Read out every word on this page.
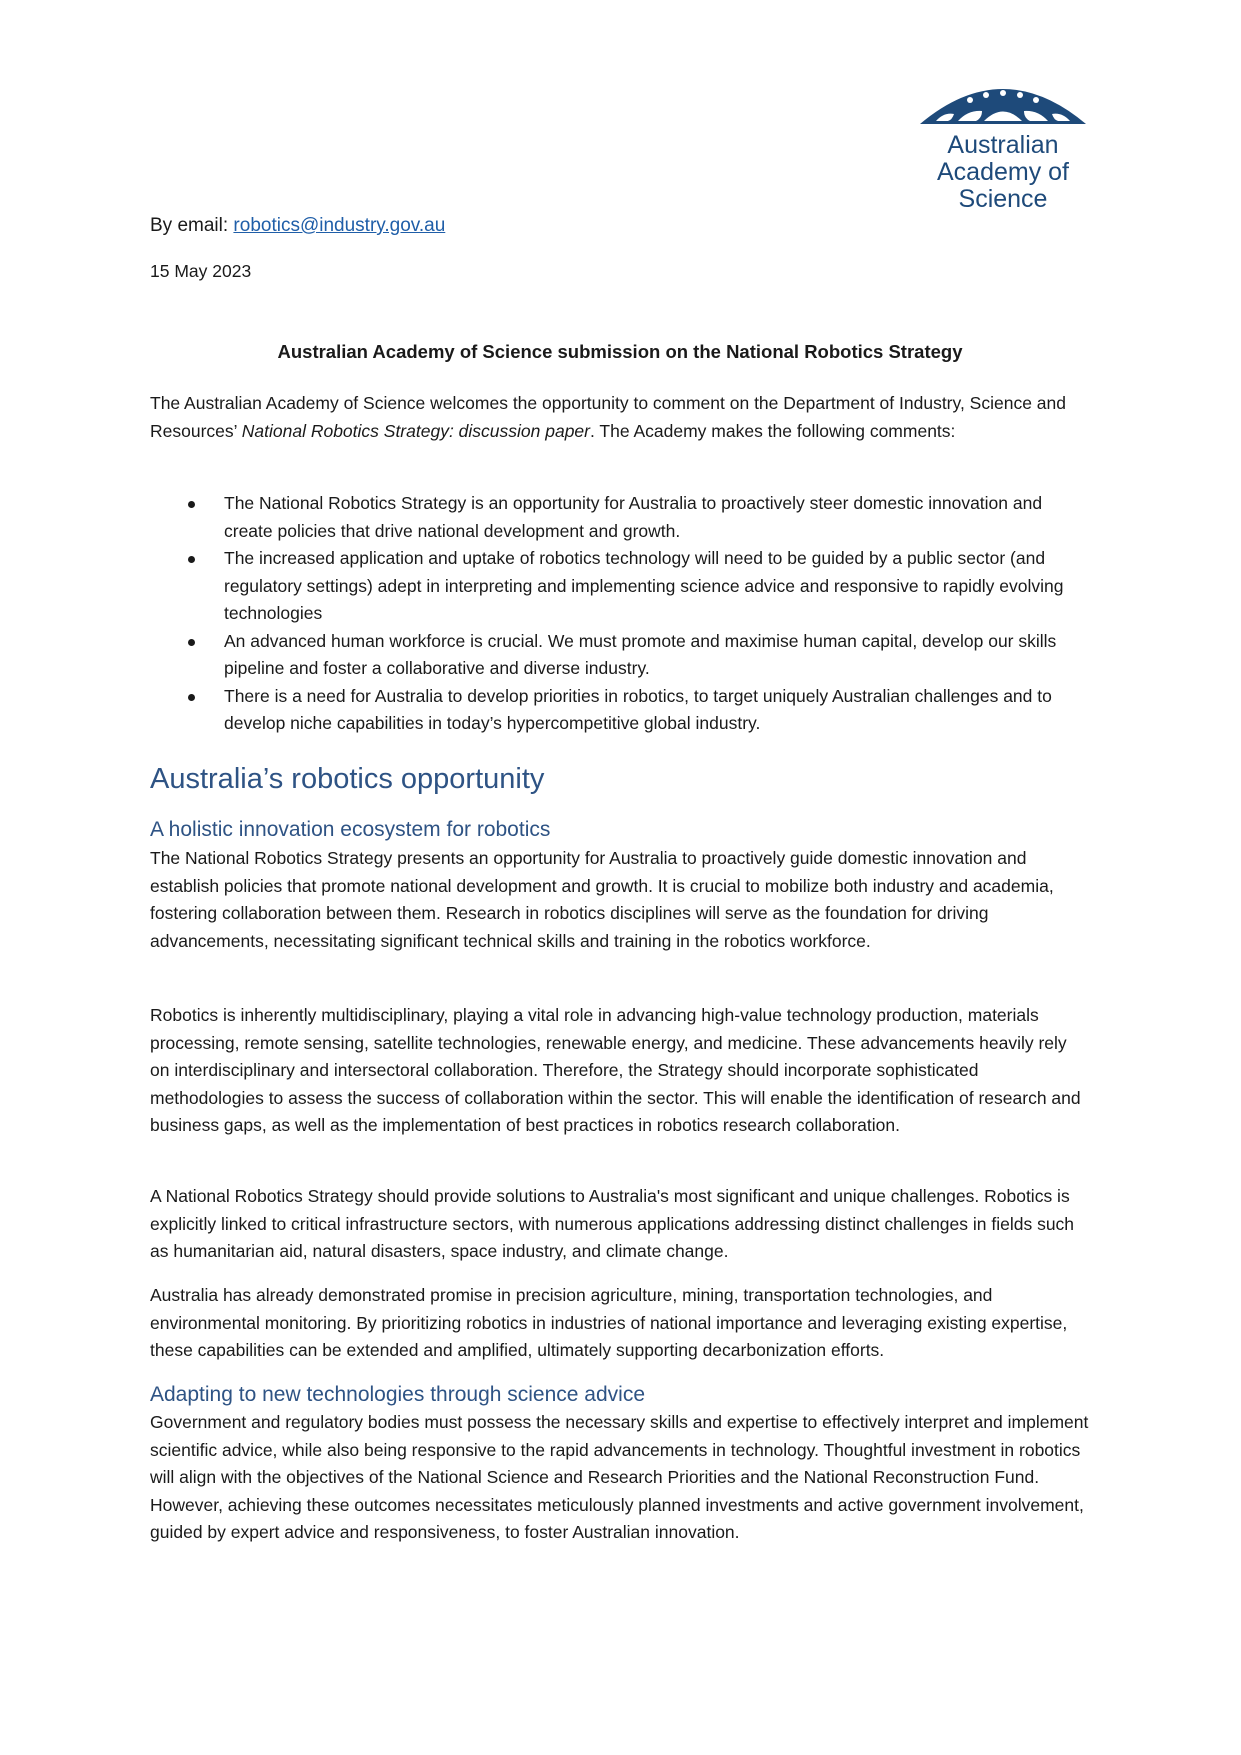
Australian
Academy of
Science

By email: robotics@industry.gov.au

15 May 2023

Australian Academy of Science submission on the National Robotics Strategy

The Australian Academy of Science welcomes the opportunity to comment on the Department of Industry, Science and Resources’ National Robotics Strategy: discussion paper. The Academy makes the following comments:

The National Robotics Strategy is an opportunity for Australia to proactively steer domestic innovation and create policies that drive national development and growth.
The increased application and uptake of robotics technology will need to be guided by a public sector (and regulatory settings) adept in interpreting and implementing science advice and responsive to rapidly evolving technologies
An advanced human workforce is crucial. We must promote and maximise human capital, develop our skills pipeline and foster a collaborative and diverse industry.
There is a need for Australia to develop priorities in robotics, to target uniquely Australian challenges and to develop niche capabilities in today’s hypercompetitive global industry.
Australia’s robotics opportunity
A holistic innovation ecosystem for robotics

The National Robotics Strategy presents an opportunity for Australia to proactively guide domestic innovation and establish policies that promote national development and growth. It is crucial to mobilize both industry and academia, fostering collaboration between them. Research in robotics disciplines will serve as the foundation for driving advancements, necessitating significant technical skills and training in the robotics workforce.

Robotics is inherently multidisciplinary, playing a vital role in advancing high-value technology production, materials processing, remote sensing, satellite technologies, renewable energy, and medicine. These advancements heavily rely on interdisciplinary and intersectoral collaboration. Therefore, the Strategy should incorporate sophisticated methodologies to assess the success of collaboration within the sector. This will enable the identification of research and business gaps, as well as the implementation of best practices in robotics research collaboration.

A National Robotics Strategy should provide solutions to Australia's most significant and unique challenges. Robotics is explicitly linked to critical infrastructure sectors, with numerous applications addressing distinct challenges in fields such as humanitarian aid, natural disasters, space industry, and climate change.

Australia has already demonstrated promise in precision agriculture, mining, transportation technologies, and environmental monitoring. By prioritizing robotics in industries of national importance and leveraging existing expertise, these capabilities can be extended and amplified, ultimately supporting decarbonization efforts.

Adapting to new technologies through science advice

Government and regulatory bodies must possess the necessary skills and expertise to effectively interpret and implement scientific advice, while also being responsive to the rapid advancements in technology. Thoughtful investment in robotics will align with the objectives of the National Science and Research Priorities and the National Reconstruction Fund. However, achieving these outcomes necessitates meticulously planned investments and active government involvement, guided by expert advice and responsiveness, to foster Australian innovation.
